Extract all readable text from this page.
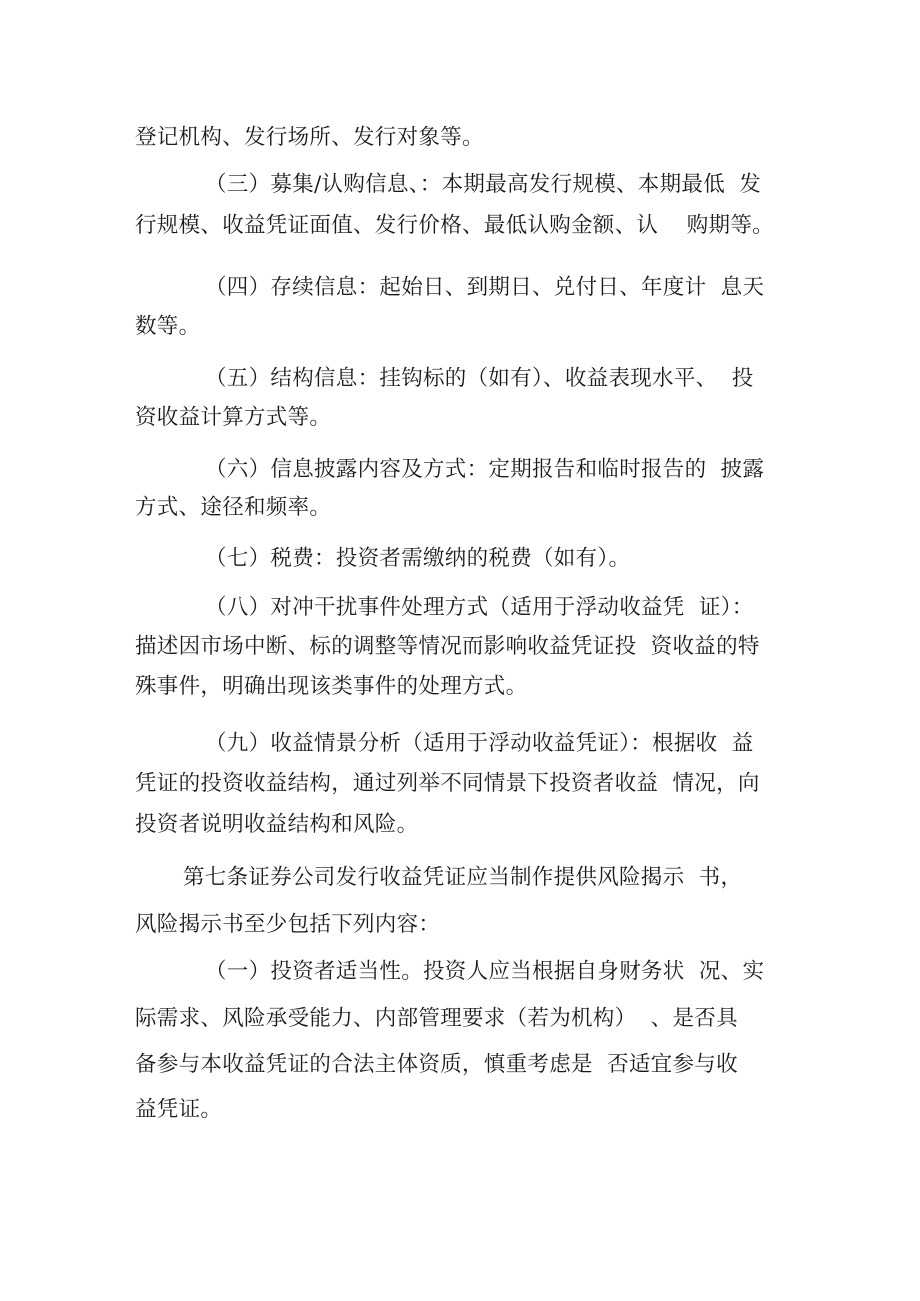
登记机构、发行场所、发行对象等。
（三）募集/认购信息、：本期最高发行规模、本期最低  发
行规模、收益凭证面值、发行价格、最低认购金额、认    购期等。
（四）存续信息：起始日、到期日、兑付日、年度计  息天
数等。
（五）结构信息：挂钩标的（如有）、收益表现水平、  投
资收益计算方式等。
（六）信息披露内容及方式：定期报告和临时报告的  披露
方式、途径和频率。
（七）税费：投资者需缴纳的税费（如有）。
（八）对冲干扰事件处理方式（适用于浮动收益凭  证）：
描述因市场中断、标的调整等情况而影响收益凭证投  资收益的特
殊事件，明确出现该类事件的处理方式。
（九）收益情景分析（适用于浮动收益凭证）：根据收  益
凭证的投资收益结构，通过列举不同情景下投资者收益  情况，向
投资者说明收益结构和风险。
第七条证券公司发行收益凭证应当制作提供风险揭示  书，
风险揭示书至少包括下列内容：
（一）投资者适当性。投资人应当根据自身财务状  况、实
际需求、风险承受能力、内部管理要求（若为机构）  、是否具
备参与本收益凭证的合法主体资质，慎重考虑是  否适宜参与收
益凭证。
